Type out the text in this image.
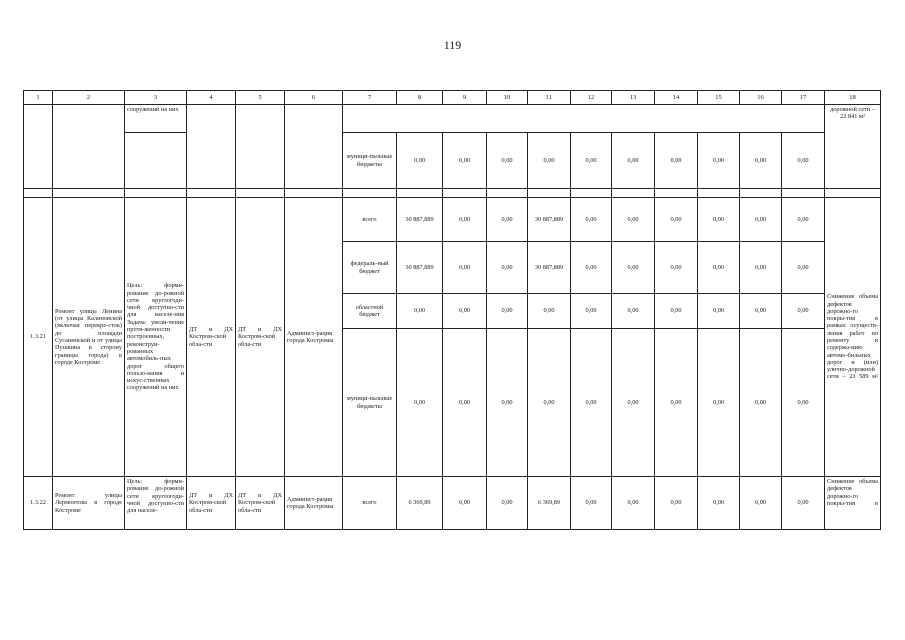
119
1	2	3	4	5	6	7	8	9	10	11	12	13	14	15	16	17	18
		сооружений на них															дорожной сети – 22 841 м²
						муници-пальные бюджеты	0,00	0,00	0,00	0,00	0,00	0,00	0,00	0,00	0,00	0,00	

1.3.21	Ремонт улицы Ленина (от улицы Калиновской (включая перекре-сток) до площади Сусанинской и от улицы Пушкина в сторону границы города) в городе Костроме	Цель: форми-рование до-рожной сети круглогоди-чной доступно-сти для населе-ния Задача: увели-чение протя-женности построенных, реконструи-рованных автомобиль-ных дорог общего пользо-вания и искус-ственных сооружений на них	ДТ и ДХ Костром-ской обла-сти	ДТ и ДХ Костром-ской обла-сти	Админист-рация города Костромы	всего	30 887,889	0,00	0,00	30 887,889	0,00	0,00	0,00	0,00	0,00	0,00	Снижение объема дефектов дорожно-го покры-тия в рамках осуществ-ления работ по ремонту и содержа-нию автомо-бильных дорог и (или) улично-дорожной сети – 23 589 м²
						федераль-ный бюджет	30 887,889	0,00	0,00	30 887,889	0,00	0,00	0,00	0,00	0,00	0,00	
						областной бюджет	0,00	0,00	0,00	0,00	0,00	0,00	0,00	0,00	0,00	0,00	
						муници-пальные бюджеты	0,00	0,00	0,00	0,00	0,00	0,00	0,00	0,00	0,00	0,00	
1.3.22	Ремонт улицы Лермонтова в городе Костроме	Цель: форми-рование до-рожной сети круглогоди-чной доступно-сти для населе-	ДТ и ДХ Костром-ской обла-сти	ДТ и ДХ Костром-ской обла-сти	Админист-рация города Костромы	всего	6 369,89	0,00	0,00	6 369,89	0,00	0,00	0,00	0,00	0,00	0,00	Снижение объема дефектов дорожно-го покры-тия в
